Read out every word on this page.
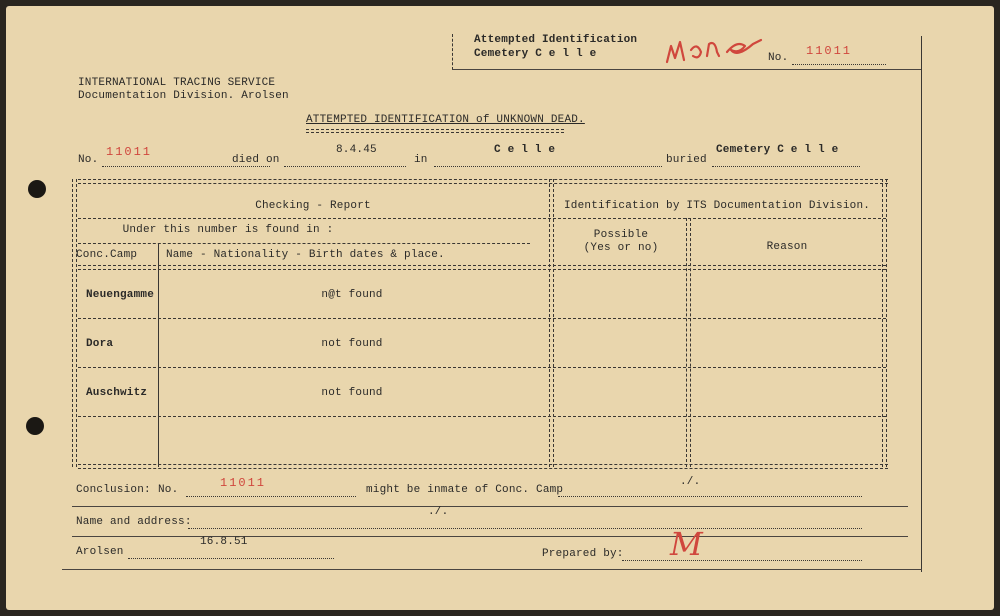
Attempted Identification
Cemetery C e l l e	No. 11011
INTERNATIONAL TRACING SERVICE
Documentation Division. Arolsen
ATTEMPTED IDENTIFICATION of UNKNOWN DEAD.
No.
11011
died on
8.4.45
in
C e l l e
buried
Cemetery C e l l e
Checking - Report	Identification by ITS Documentation Division.
Under this number is found in :
Conc.Camp	Name - Nationality - Birth dates & place.
Possible
(Yes or no)	Reason
Neuengamme	n@t found
Dora	not found
Auschwitz	not found
Conclusion: No.	11011	might be inmate of Conc. Camp
./.
Name and address:
./.
Arolsen
16.8.51
Prepared by: M
